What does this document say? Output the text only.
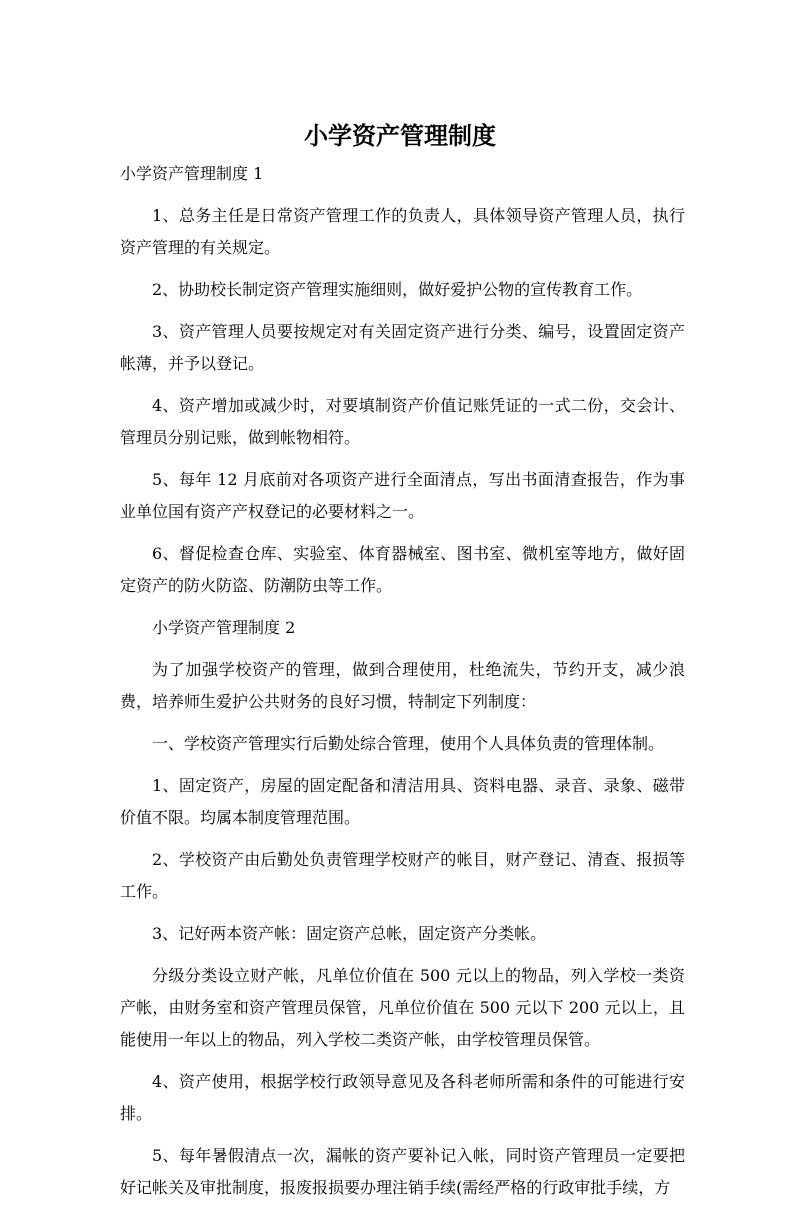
小学资产管理制度

小学资产管理制度 1

1、总务主任是日常资产管理工作的负责人，具体领导资产管理人员，执行资产管理的有关规定。

2、协助校长制定资产管理实施细则，做好爱护公物的宣传教育工作。

3、资产管理人员要按规定对有关固定资产进行分类、编号，设置固定资产帐薄，并予以登记。

4、资产增加或减少时，对要填制资产价值记账凭证的一式二份，交会计、管理员分别记账，做到帐物相符。

5、每年 12 月底前对各项资产进行全面清点，写出书面清查报告，作为事业单位国有资产产权登记的必要材料之一。

6、督促检查仓库、实验室、体育器械室、图书室、微机室等地方，做好固定资产的防火防盗、防潮防虫等工作。

小学资产管理制度 2

为了加强学校资产的管理，做到合理使用，杜绝流失，节约开支，减少浪费，培养师生爱护公共财务的良好习惯，特制定下列制度：

一、学校资产管理实行后勤处综合管理，使用个人具体负责的管理体制。

1、固定资产，房屋的固定配备和清洁用具、资料电器、录音、录象、磁带价值不限。均属本制度管理范围。

2、学校资产由后勤处负责管理学校财产的帐目，财产登记、清查、报损等工作。

3、记好两本资产帐：固定资产总帐，固定资产分类帐。

分级分类设立财产帐，凡单位价值在 500 元以上的物品，列入学校一类资产帐，由财务室和资产管理员保管，凡单位价值在 500 元以下 200 元以上，且能使用一年以上的物品，列入学校二类资产帐，由学校管理员保管。

4、资产使用，根据学校行政领导意见及各科老师所需和条件的可能进行安排。

5、每年暑假清点一次，漏帐的资产要补记入帐，同时资产管理员一定要把好记帐关及审批制度，报废报损要办理注销手续(需经严格的行政审批手续，方
